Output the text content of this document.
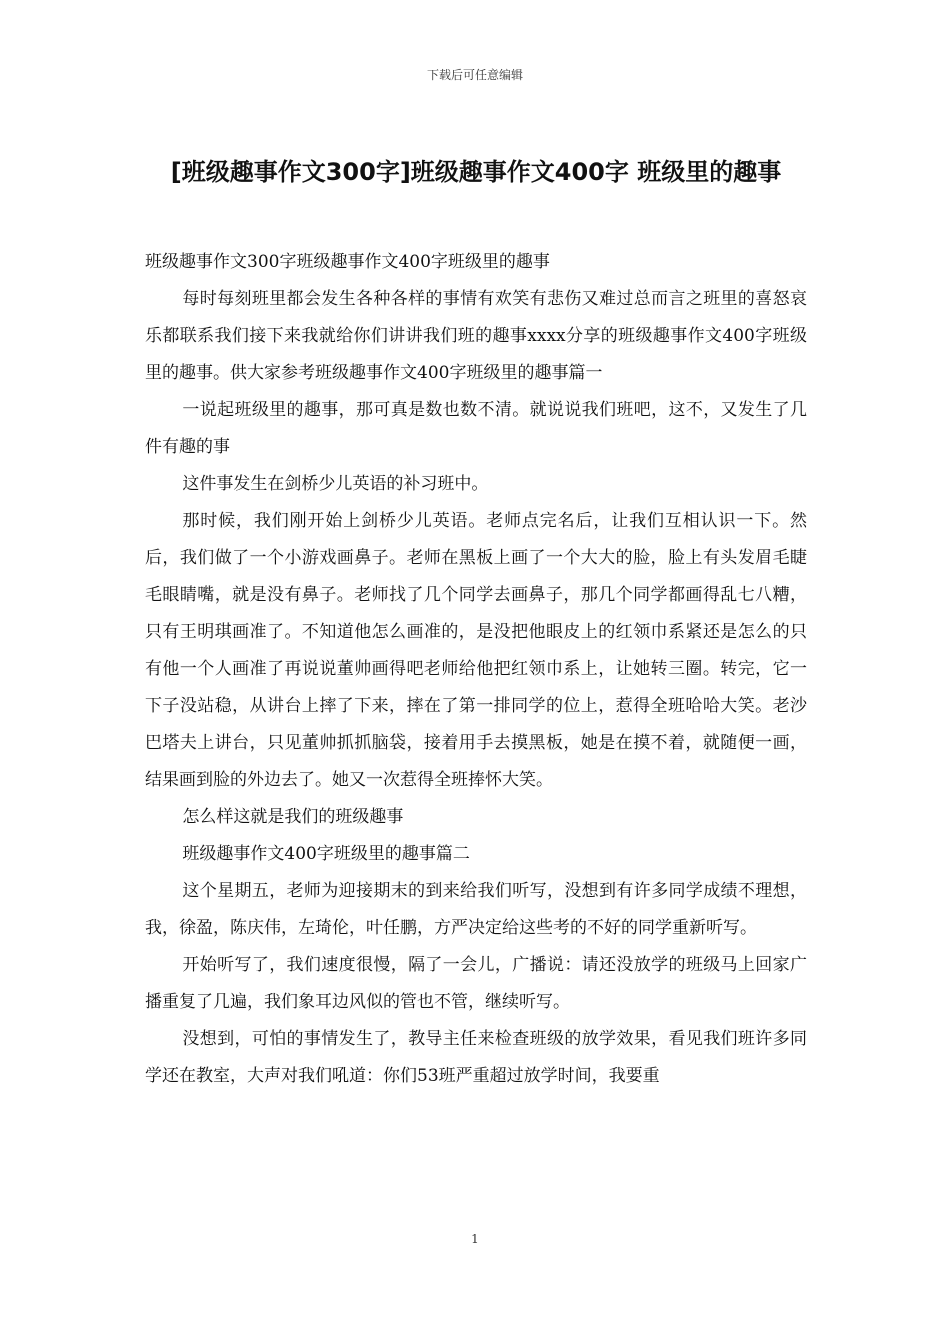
下载后可任意编辑
[班级趣事作文300字]班级趣事作文400字 班级里的趣事

班级趣事作文300字班级趣事作文400字班级里的趣事

每时每刻班里都会发生各种各样的事情有欢笑有悲伤又难过总而言之班里的喜怒哀乐都联系我们接下来我就给你们讲讲我们班的趣事xxxx分享的班级趣事作文400字班级里的趣事。供大家参考班级趣事作文400字班级里的趣事篇一

一说起班级里的趣事，那可真是数也数不清。就说说我们班吧，这不，又发生了几件有趣的事

这件事发生在剑桥少儿英语的补习班中。

那时候，我们刚开始上剑桥少儿英语。老师点完名后，让我们互相认识一下。然后，我们做了一个小游戏画鼻子。老师在黑板上画了一个大大的脸，脸上有头发眉毛睫毛眼睛嘴，就是没有鼻子。老师找了几个同学去画鼻子，那几个同学都画得乱七八糟，只有王明琪画准了。不知道他怎么画准的，是没把他眼皮上的红领巾系紧还是怎么的只有他一个人画准了再说说董帅画得吧老师给他把红领巾系上，让她转三圈。转完，它一下子没站稳，从讲台上摔了下来，摔在了第一排同学的位上，惹得全班哈哈大笑。老沙巴塔夫上讲台，只见董帅抓抓脑袋，接着用手去摸黑板，她是在摸不着，就随便一画，结果画到脸的外边去了。她又一次惹得全班捧怀大笑。

怎么样这就是我们的班级趣事

班级趣事作文400字班级里的趣事篇二

这个星期五，老师为迎接期末的到来给我们听写，没想到有许多同学成绩不理想，我，徐盈，陈庆伟，左琦伦，叶任鹏，方严决定给这些考的不好的同学重新听写。

开始听写了，我们速度很慢，隔了一会儿，广播说：请还没放学的班级马上回家广播重复了几遍，我们象耳边风似的管也不管，继续听写。

没想到，可怕的事情发生了，教导主任来检查班级的放学效果，看见我们班许多同学还在教室，大声对我们吼道：你们53班严重超过放学时间，我要重

1
